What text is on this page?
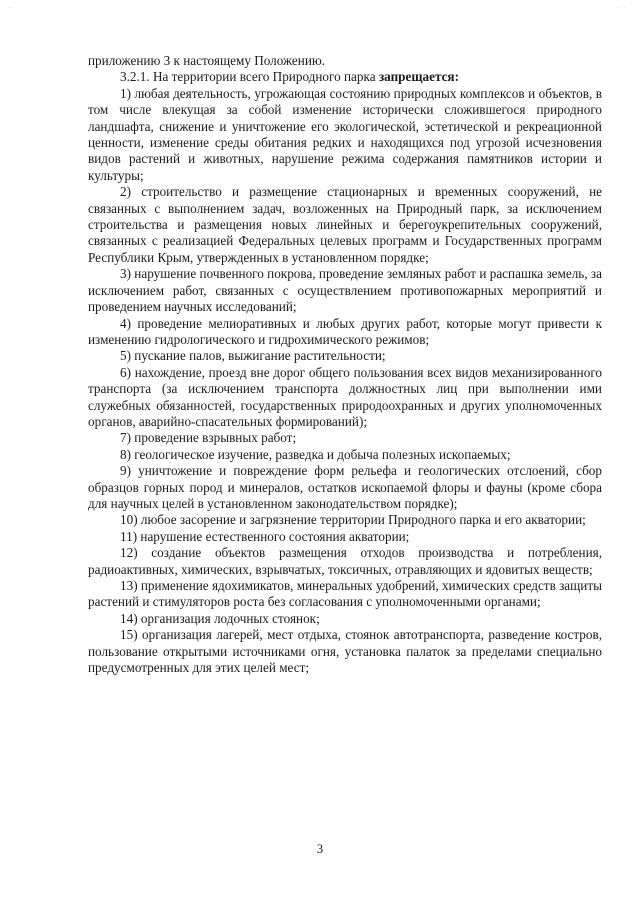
··	· · ·

приложению 3 к настоящему Положению.

3.2.1. На территории всего Природного парка запрещается:

1) любая деятельность, угрожающая состоянию природных комплексов и объектов, в том числе влекущая за собой изменение исторически сложившегося природного ландшафта, снижение и уничтожение его экологической, эстетической и рекреационной ценности, изменение среды обитания редких и находящихся под угрозой исчезновения видов растений и животных, нарушение режима содержания памятников истории и культуры;

2) строительство и размещение стационарных и временных сооружений, не связанных с выполнением задач, возложенных на Природный парк, за исключением строительства и размещения новых линейных и берегоукрепительных сооружений, связанных с реализацией Федеральных целевых программ и Государственных программ Республики Крым, утвержденных в установленном порядке;

3) нарушение почвенного покрова, проведение земляных работ и распашка земель, за исключением работ, связанных с осуществлением противопожарных мероприятий и проведением научных исследований;

4) проведение мелиоративных и любых других работ, которые могут привести к изменению гидрологического и гидрохимического режимов;

5) пускание палов, выжигание растительности;

6) нахождение, проезд вне дорог общего пользования всех видов механизированного транспорта (за исключением транспорта должностных лиц при выполнении ими служебных обязанностей, государственных природоохранных и других уполномоченных органов, аварийно-спасательных формирований);

7) проведение взрывных работ;

8) геологическое изучение, разведка и добыча полезных ископаемых;

9) уничтожение и повреждение форм рельефа и геологических отслоений, сбор образцов горных пород и минералов, остатков ископаемой флоры и фауны (кроме сбора для научных целей в установленном законодательством порядке);

10) любое засорение и загрязнение территории Природного парка и его акватории;

11) нарушение естественного состояния акватории;

12) создание объектов размещения отходов производства и потребления, радиоактивных, химических, взрывчатых, токсичных, отравляющих и ядовитых веществ;

13) применение ядохимикатов, минеральных удобрений, химических средств защиты растений и стимуляторов роста без согласования с уполномоченными органами;

14) организация лодочных стоянок;

15) организация лагерей, мест отдыха, стоянок автотранспорта, разведение костров, пользование открытыми источниками огня, установка палаток за пределами специально предусмотренных для этих целей мест;

3
